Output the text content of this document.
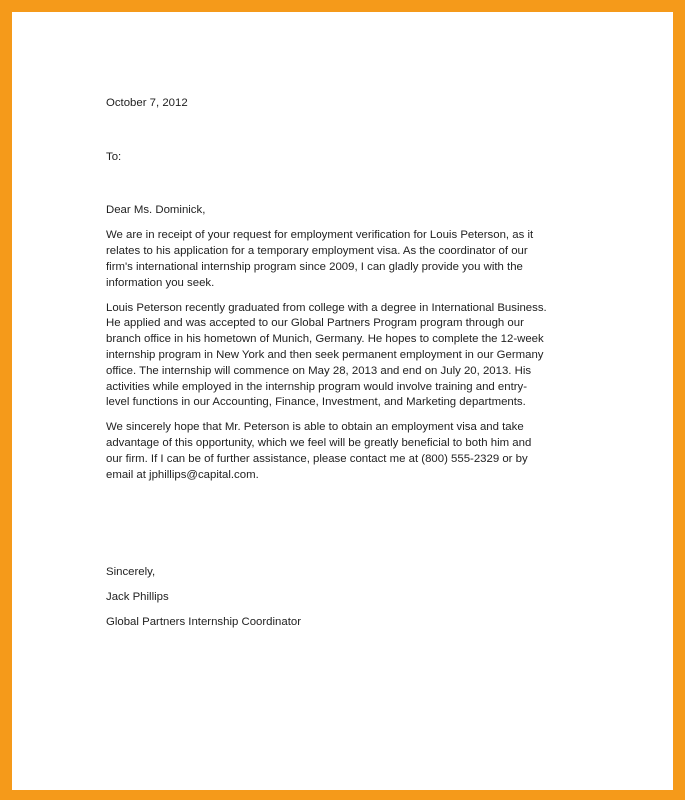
October 7, 2012
To:
Dear Ms. Dominick,
We are in receipt of your request for employment verification for Louis Peterson, as it
relates to his application for a temporary employment visa. As the coordinator of our
firm's international internship program since 2009, I can gladly provide you with the
information you seek.
Louis Peterson recently graduated from college with a degree in International Business.
He applied and was accepted to our Global Partners Program program through our
branch office in his hometown of Munich, Germany. He hopes to complete the 12-week
internship program in New York and then seek permanent employment in our Germany
office. The internship will commence on May 28, 2013 and end on July 20, 2013. His
activities while employed in the internship program would involve training and entry-
level functions in our Accounting, Finance, Investment, and Marketing departments.
We sincerely hope that Mr. Peterson is able to obtain an employment visa and take
advantage of this opportunity, which we feel will be greatly beneficial to both him and
our firm. If I can be of further assistance, please contact me at (800) 555-2329 or by
email at jphillips@capital.com.
Sincerely,
Jack Phillips
Global Partners Internship Coordinator
